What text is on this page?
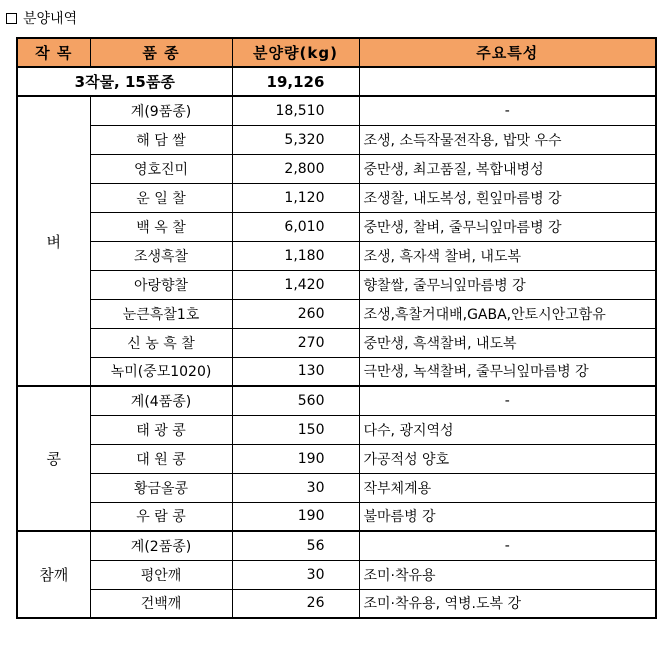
분양내역
작 목	품 종	분양량(kg)	주요특성
3작물, 15품종		19,126	
벼	계(9품종)	18,510	-
	해 담 쌀	5,320	조생, 소득작물전작용, 밥맛 우수
	영호진미	2,800	중만생, 최고품질, 복합내병성
	운 일 찰	1,120	조생찰, 내도복성, 흰잎마름병 강
	백 옥 찰	6,010	중만생, 찰벼, 줄무늬잎마름병 강
	조생흑찰	1,180	조생, 흑자색 찰벼, 내도복
	아랑향찰	1,420	향찰쌀, 줄무늬잎마름병 강
	눈큰흑찰1호	260	조생,흑찰거대배,GABA,안토시안고함유
	신 농 흑 찰	270	중만생, 흑색찰벼, 내도복
	녹미(중모1020)	130	극만생, 녹색찰벼, 줄무늬잎마름병 강
콩	계(4품종)	560	-
	태 광 콩	150	다수, 광지역성
	대 원 콩	190	가공적성 양호
	황금올콩	30	작부체계용
	우 람 콩	190	불마름병 강
참깨	계(2품종)	56	-
	평안깨	30	조미·착유용
	건백깨	26	조미·착유용, 역병.도복 강
